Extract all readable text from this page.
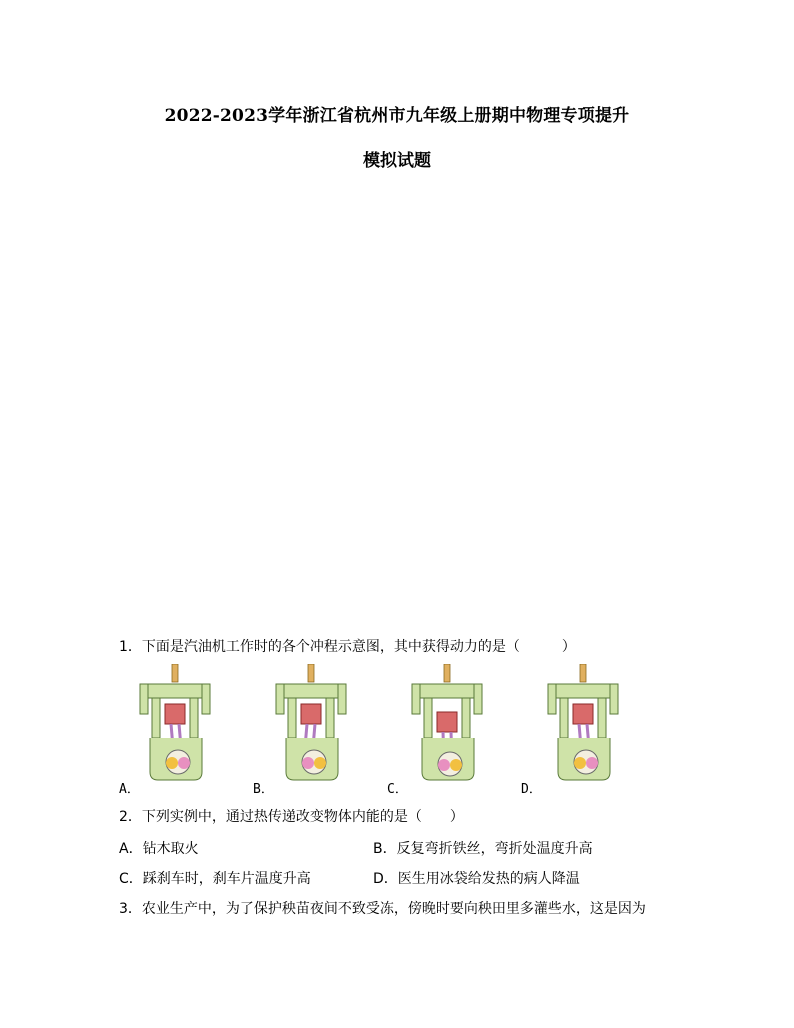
2022-2023学年浙江省杭州市九年级上册期中物理专项提升
模拟试题
1．下面是汽油机工作时的各个冲程示意图，其中获得动力的是（　　　）
A．	B．	C．	D．
2．下列实例中，通过热传递改变物体内能的是（　　）
A．钻木取火	B．反复弯折铁丝，弯折处温度升高
C．踩刹车时，刹车片温度升高	D．医生用冰袋给发热的病人降温
3．农业生产中，为了保护秧苗夜间不致受冻，傍晚时要向秧田里多灌些水，这是因为
